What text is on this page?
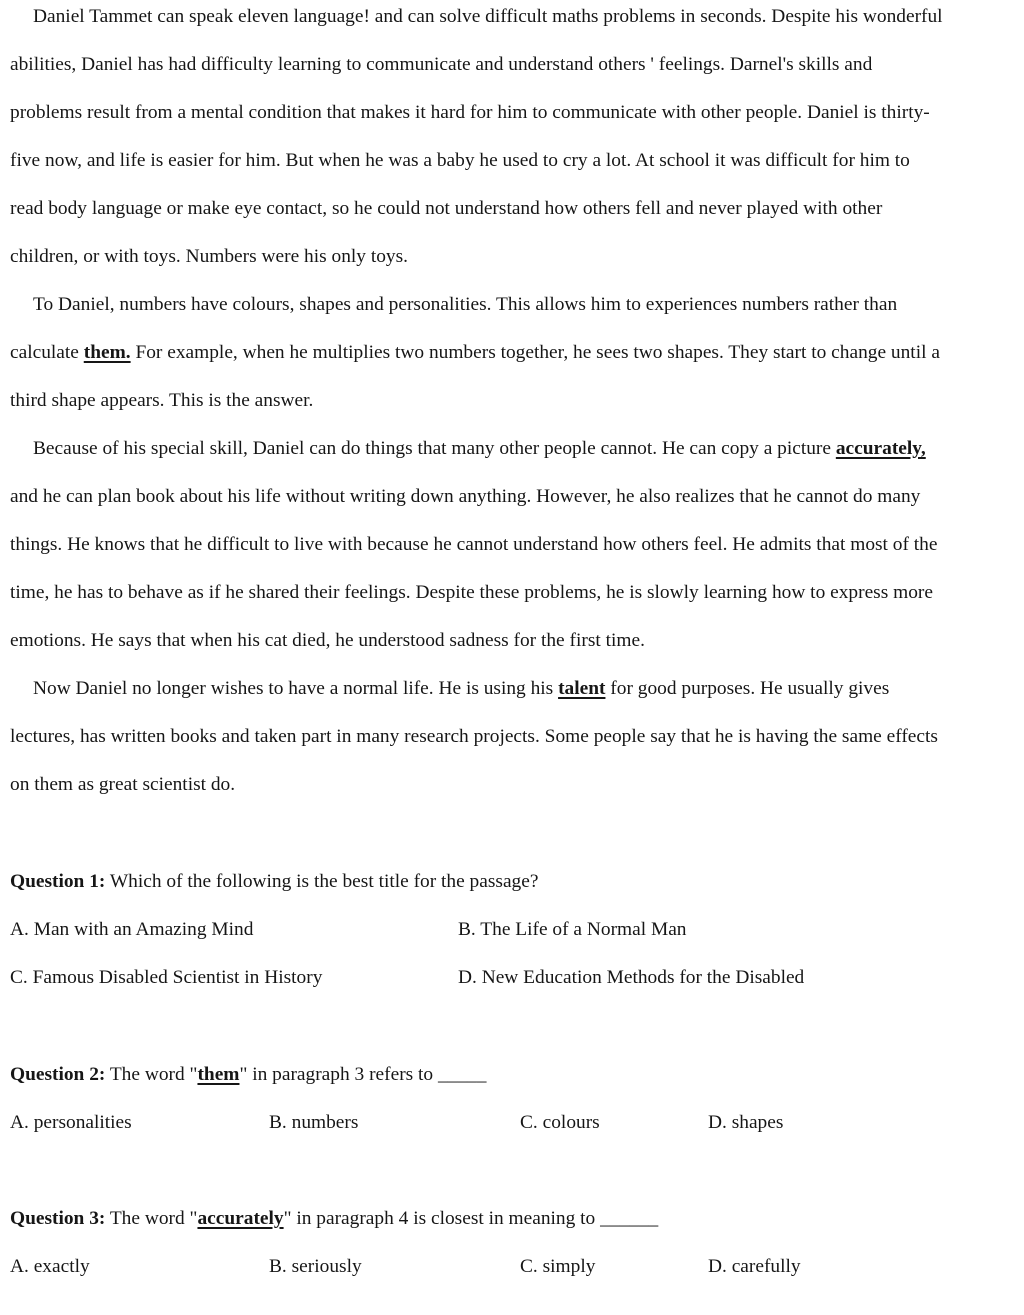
Daniel Tammet can speak eleven language! and can solve difficult maths problems in seconds. Despite his wonderful
abilities, Daniel has had difficulty learning to communicate and understand others ' feelings. Darnel's skills and
problems result from a mental condition that makes it hard for him to communicate with other people. Daniel is thirty-
five now, and life is easier for him. But when he was a baby he used to cry a lot. At school it was difficult for him to
read body language or make eye contact, so he could not understand how others fell and never played with other
children, or with toys. Numbers were his only toys.
To Daniel, numbers have colours, shapes and personalities. This allows him to experiences numbers rather than
calculate them. For example, when he multiplies two numbers together, he sees two shapes. They start to change until a
third shape appears. This is the answer.
Because of his special skill, Daniel can do things that many other people cannot. He can copy a picture accurately,
and he can plan book about his life without writing down anything. However, he also realizes that he cannot do many
things. He knows that he difficult to live with because he cannot understand how others feel. He admits that most of the
time, he has to behave as if he shared their feelings. Despite these problems, he is slowly learning how to express more
emotions. He says that when his cat died, he understood sadness for the first time.
Now Daniel no longer wishes to have a normal life. He is using his talent for good purposes. He usually gives
lectures, has written books and taken part in many research projects. Some people say that he is having the same effects
on them as great scientist do.
Question 1: Which of the following is the best title for the passage?
A. Man with an Amazing Mind	B. The Life of a Normal Man
C. Famous Disabled Scientist in History	D. New Education Methods for the Disabled
Question 2: The word "them" in paragraph 3 refers to _____
A. personalities	B. numbers	C. colours	D. shapes
Question 3: The word "accurately" in paragraph 4 is closest in meaning to ______
A. exactly	B. seriously	C. simply	D. carefully
